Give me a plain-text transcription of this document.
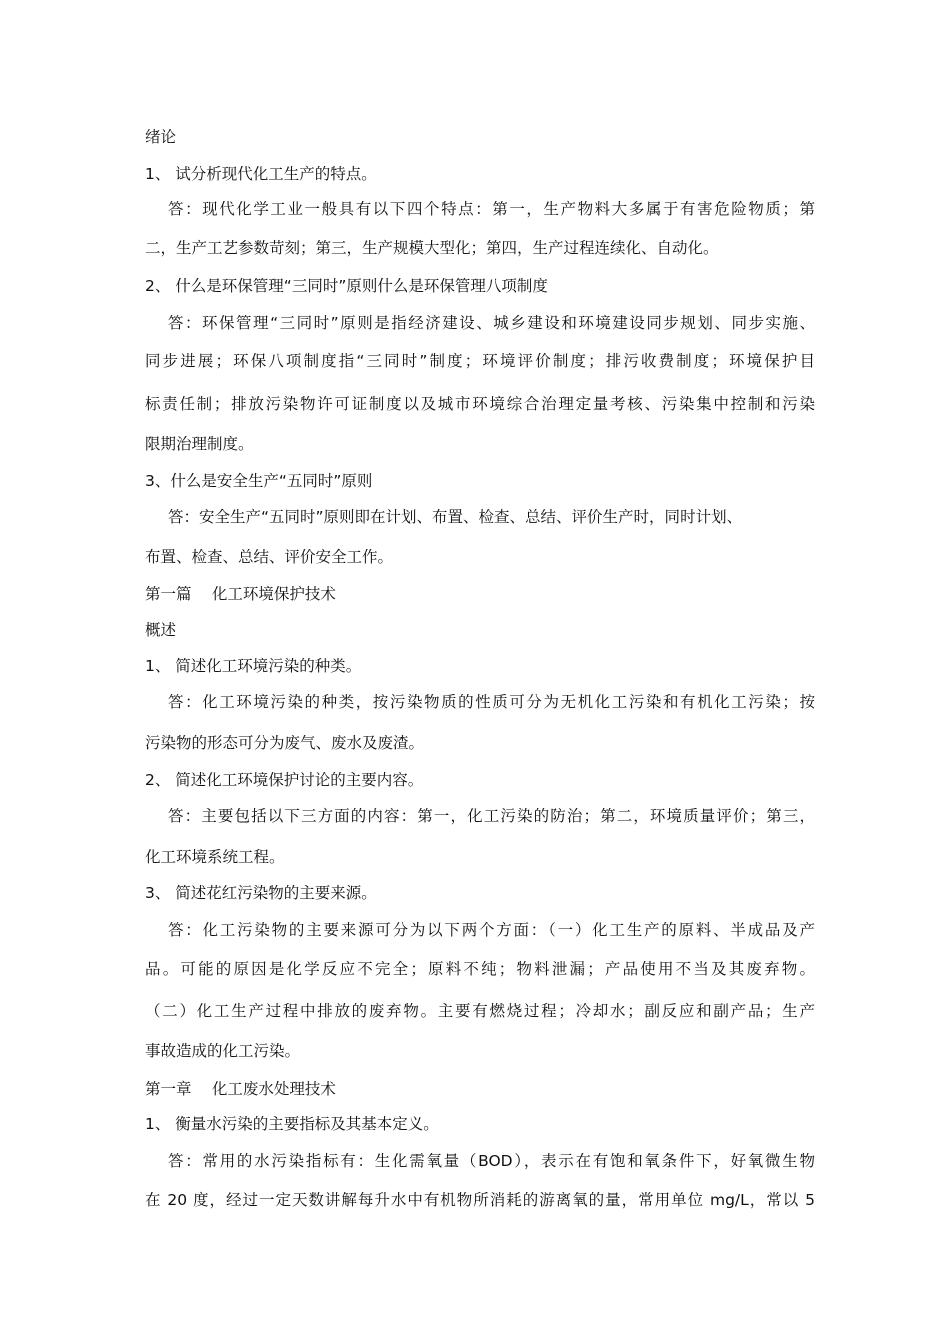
绪论
1、 试分析现代化工生产的特点。
答：现代化学工业一般具有以下四个特点：第一，生产物料大多属于有害危险物质；第
二，生产工艺参数苛刻；第三，生产规模大型化；第四，生产过程连续化、自动化。
2、 什么是环保管理“三同时”原则什么是环保管理八项制度
答：环保管理“三同时”原则是指经济建设、城乡建设和环境建设同步规划、同步实施、
同步进展；环保八项制度指“三同时”制度；环境评价制度；排污收费制度；环境保护目
标责任制；排放污染物许可证制度以及城市环境综合治理定量考核、污染集中控制和污染
限期治理制度。
3、什么是安全生产“五同时”原则
答：安全生产“五同时”原则即在计划、布置、检查、总结、评价生产时，同时计划、
布置、检查、总结、评价安全工作。
第一篇　 化工环境保护技术
概述
1、 简述化工环境污染的种类。
答：化工环境污染的种类，按污染物质的性质可分为无机化工污染和有机化工污染；按
污染物的形态可分为废气、废水及废渣。
2、 简述化工环境保护讨论的主要内容。
答：主要包括以下三方面的内容：第一，化工污染的防治；第二，环境质量评价；第三，
化工环境系统工程。
3、 简述花红污染物的主要来源。
答：化工污染物的主要来源可分为以下两个方面：（一）化工生产的原料、半成品及产
品。可能的原因是化学反应不完全；原料不纯；物料泄漏；产品使用不当及其废弃物。
（二）化工生产过程中排放的废弃物。主要有燃烧过程；冷却水；副反应和副产品；生产
事故造成的化工污染。
第一章　 化工废水处理技术
1、 衡量水污染的主要指标及其基本定义。
答：常用的水污染指标有：生化需氧量（BOD），表示在有饱和氧条件下，好氧微生物
在 20 度，经过一定天数讲解每升水中有机物所消耗的游离氧的量，常用单位 mg/L，常以 5
